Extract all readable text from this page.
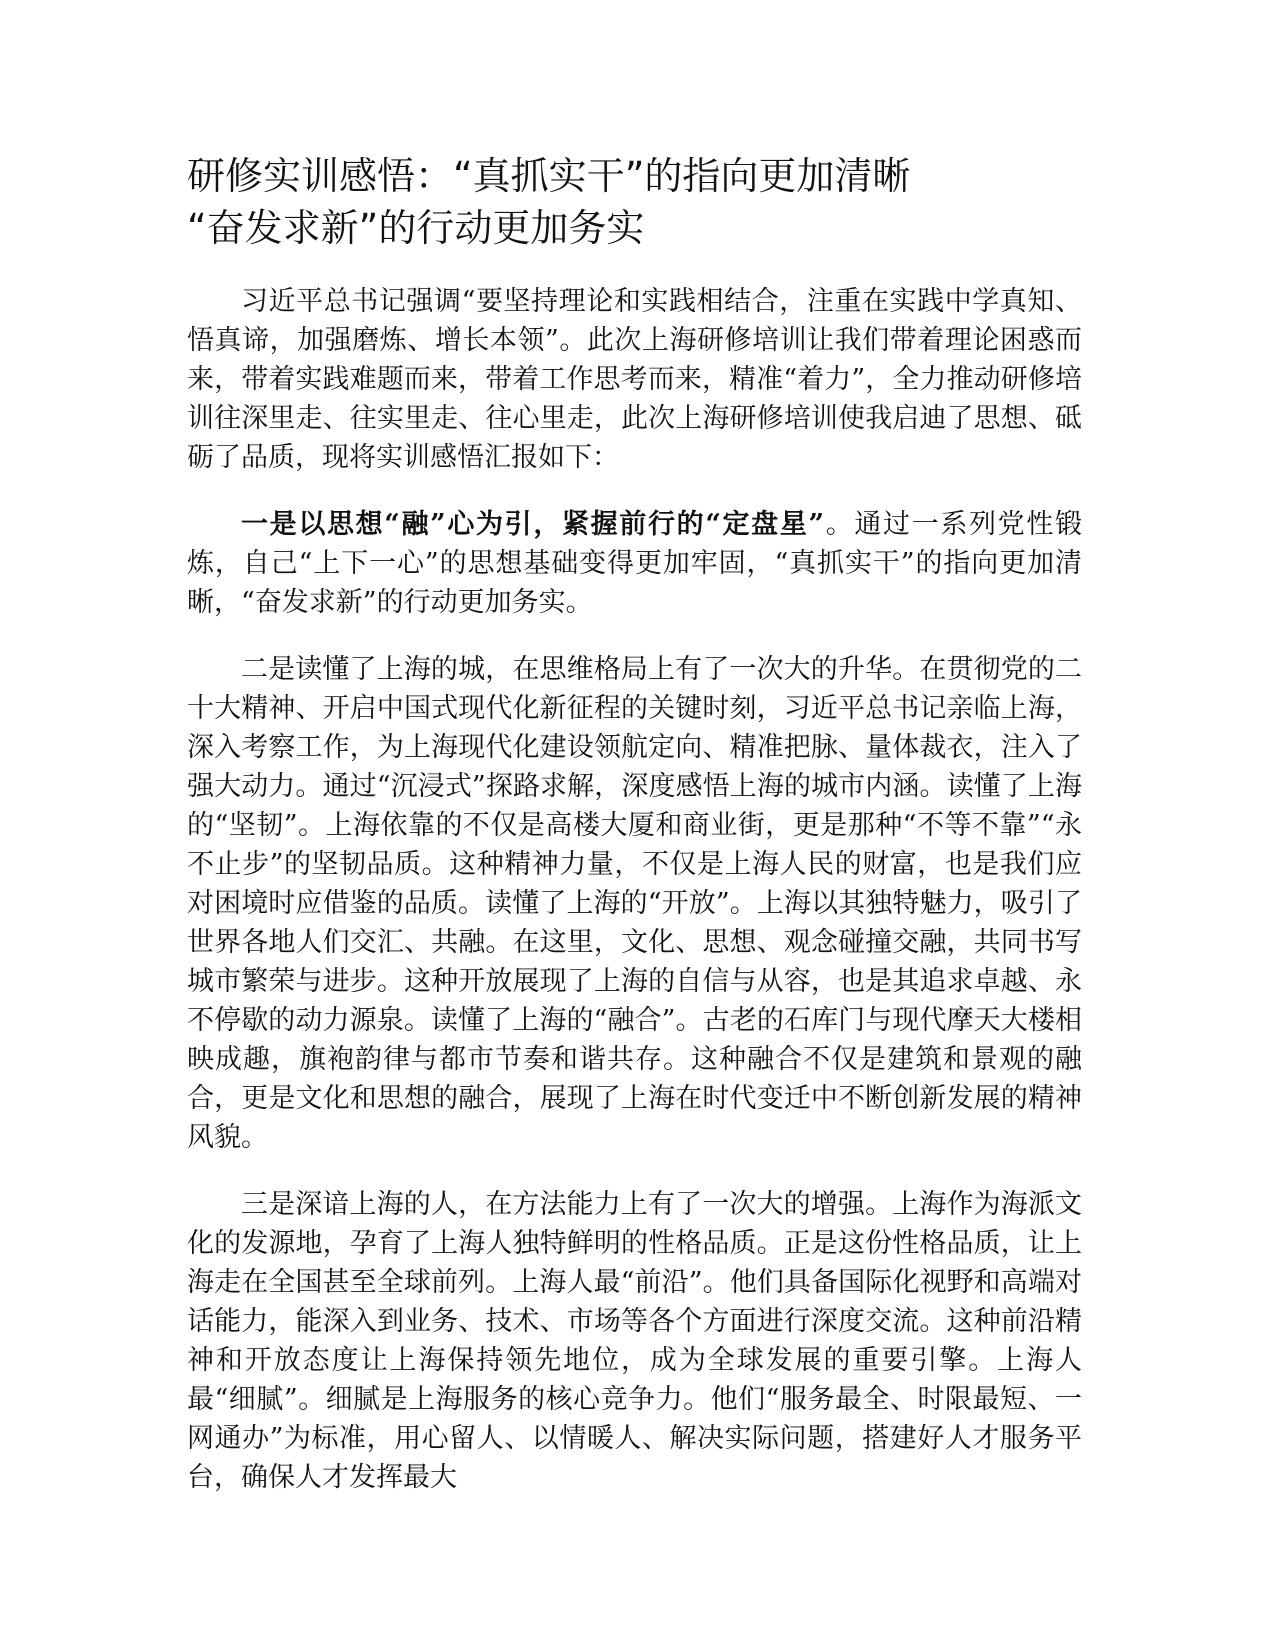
研修实训感悟：“真抓实干”的指向更加清晰
“奋发求新”的行动更加务实

习近平总书记强调“要坚持理论和实践相结合，注重在实践中学真知、悟真谛，加强磨炼、增长本领”。此次上海研修培训让我们带着理论困惑而来，带着实践难题而来，带着工作思考而来，精准“着力”，全力推动研修培训往深里走、往实里走、往心里走，此次上海研修培训使我启迪了思想、砥砺了品质，现将实训感悟汇报如下：

一是以思想“融”心为引，紧握前行的“定盘星”。通过一系列党性锻炼，自己“上下一心”的思想基础变得更加牢固，“真抓实干”的指向更加清晰，“奋发求新”的行动更加务实。

二是读懂了上海的城，在思维格局上有了一次大的升华。在贯彻党的二十大精神、开启中国式现代化新征程的关键时刻，习近平总书记亲临上海，深入考察工作，为上海现代化建设领航定向、精准把脉、量体裁衣，注入了强大动力。通过“沉浸式”探路求解，深度感悟上海的城市内涵。读懂了上海的“坚韧”。上海依靠的不仅是高楼大厦和商业街，更是那种“不等不靠”“永不止步”的坚韧品质。这种精神力量，不仅是上海人民的财富，也是我们应对困境时应借鉴的品质。读懂了上海的“开放”。上海以其独特魅力，吸引了世界各地人们交汇、共融。在这里，文化、思想、观念碰撞交融，共同书写城市繁荣与进步。这种开放展现了上海的自信与从容，也是其追求卓越、永不停歇的动力源泉。读懂了上海的“融合”。古老的石库门与现代摩天大楼相映成趣，旗袍韵律与都市节奏和谐共存。这种融合不仅是建筑和景观的融合，更是文化和思想的融合，展现了上海在时代变迁中不断创新发展的精神风貌。

三是深谙上海的人，在方法能力上有了一次大的增强。上海作为海派文化的发源地，孕育了上海人独特鲜明的性格品质。正是这份性格品质，让上海走在全国甚至全球前列。上海人最“前沿”。他们具备国际化视野和高端对话能力，能深入到业务、技术、市场等各个方面进行深度交流。这种前沿精神和开放态度让上海保持领先地位，成为全球发展的重要引擎。上海人最“细腻”。细腻是上海服务的核心竞争力。他们“服务最全、时限最短、一网通办”为标准，用心留人、以情暖人、解决实际问题，搭建好人才服务平台，确保人才发挥最大
